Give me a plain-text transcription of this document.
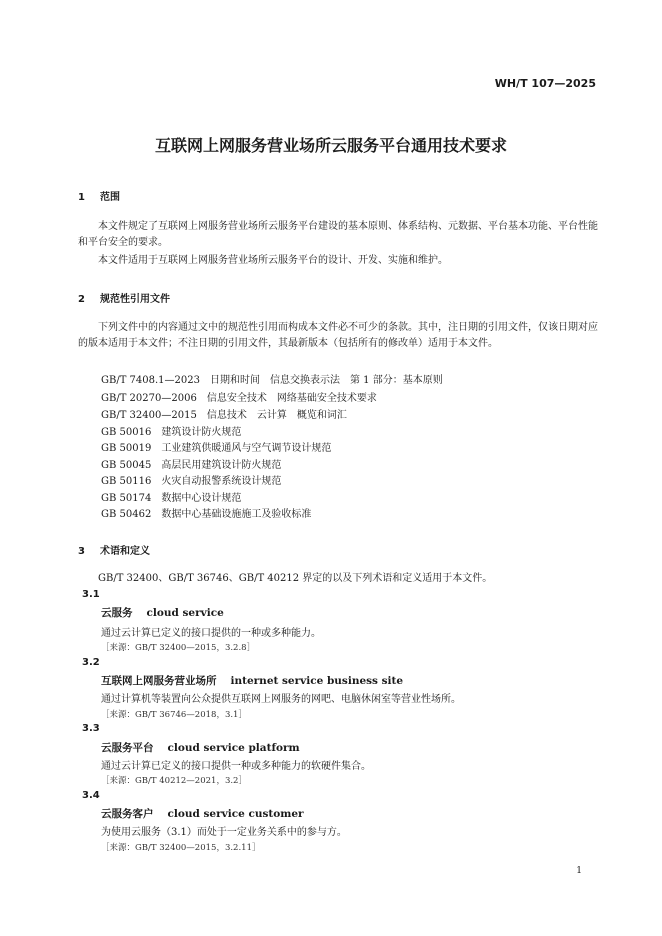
WH/T 107—2025
互联网上网服务营业场所云服务平台通用技术要求
1 范围
本文件规定了互联网上网服务营业场所云服务平台建设的基本原则、体系结构、元数据、平台基本功能、平台性能和平台安全的要求。
本文件适用于互联网上网服务营业场所云服务平台的设计、开发、实施和维护。
2 规范性引用文件
下列文件中的内容通过文中的规范性引用而构成本文件必不可少的条款。其中，注日期的引用文件，仅该日期对应的版本适用于本文件；不注日期的引用文件，其最新版本（包括所有的修改单）适用于本文件。
GB/T 7408.1—2023　日期和时间　信息交换表示法　第 1 部分：基本原则
GB/T 20270—2006　信息安全技术　网络基础安全技术要求
GB/T 32400—2015　信息技术　云计算　概览和词汇
GB 50016　建筑设计防火规范
GB 50019　工业建筑供暖通风与空气调节设计规范
GB 50045　高层民用建筑设计防火规范
GB 50116　火灾自动报警系统设计规范
GB 50174　数据中心设计规范
GB 50462　数据中心基础设施施工及验收标准
3 术语和定义
GB/T 32400、GB/T 36746、GB/T 40212 界定的以及下列术语和定义适用于本文件。
3.1
云服务 cloud service
通过云计算已定义的接口提供的一种或多种能力。
［来源：GB/T 32400—2015，3.2.8］
3.2
互联网上网服务营业场所 internet service business site
通过计算机等装置向公众提供互联网上网服务的网吧、电脑休闲室等营业性场所。
［来源：GB/T 36746—2018，3.1］
3.3
云服务平台 cloud service platform
通过云计算已定义的接口提供一种或多种能力的软硬件集合。
［来源：GB/T 40212—2021，3.2］
3.4
云服务客户 cloud service customer
为使用云服务（3.1）而处于一定业务关系中的参与方。
［来源：GB/T 32400—2015，3.2.11］
1
